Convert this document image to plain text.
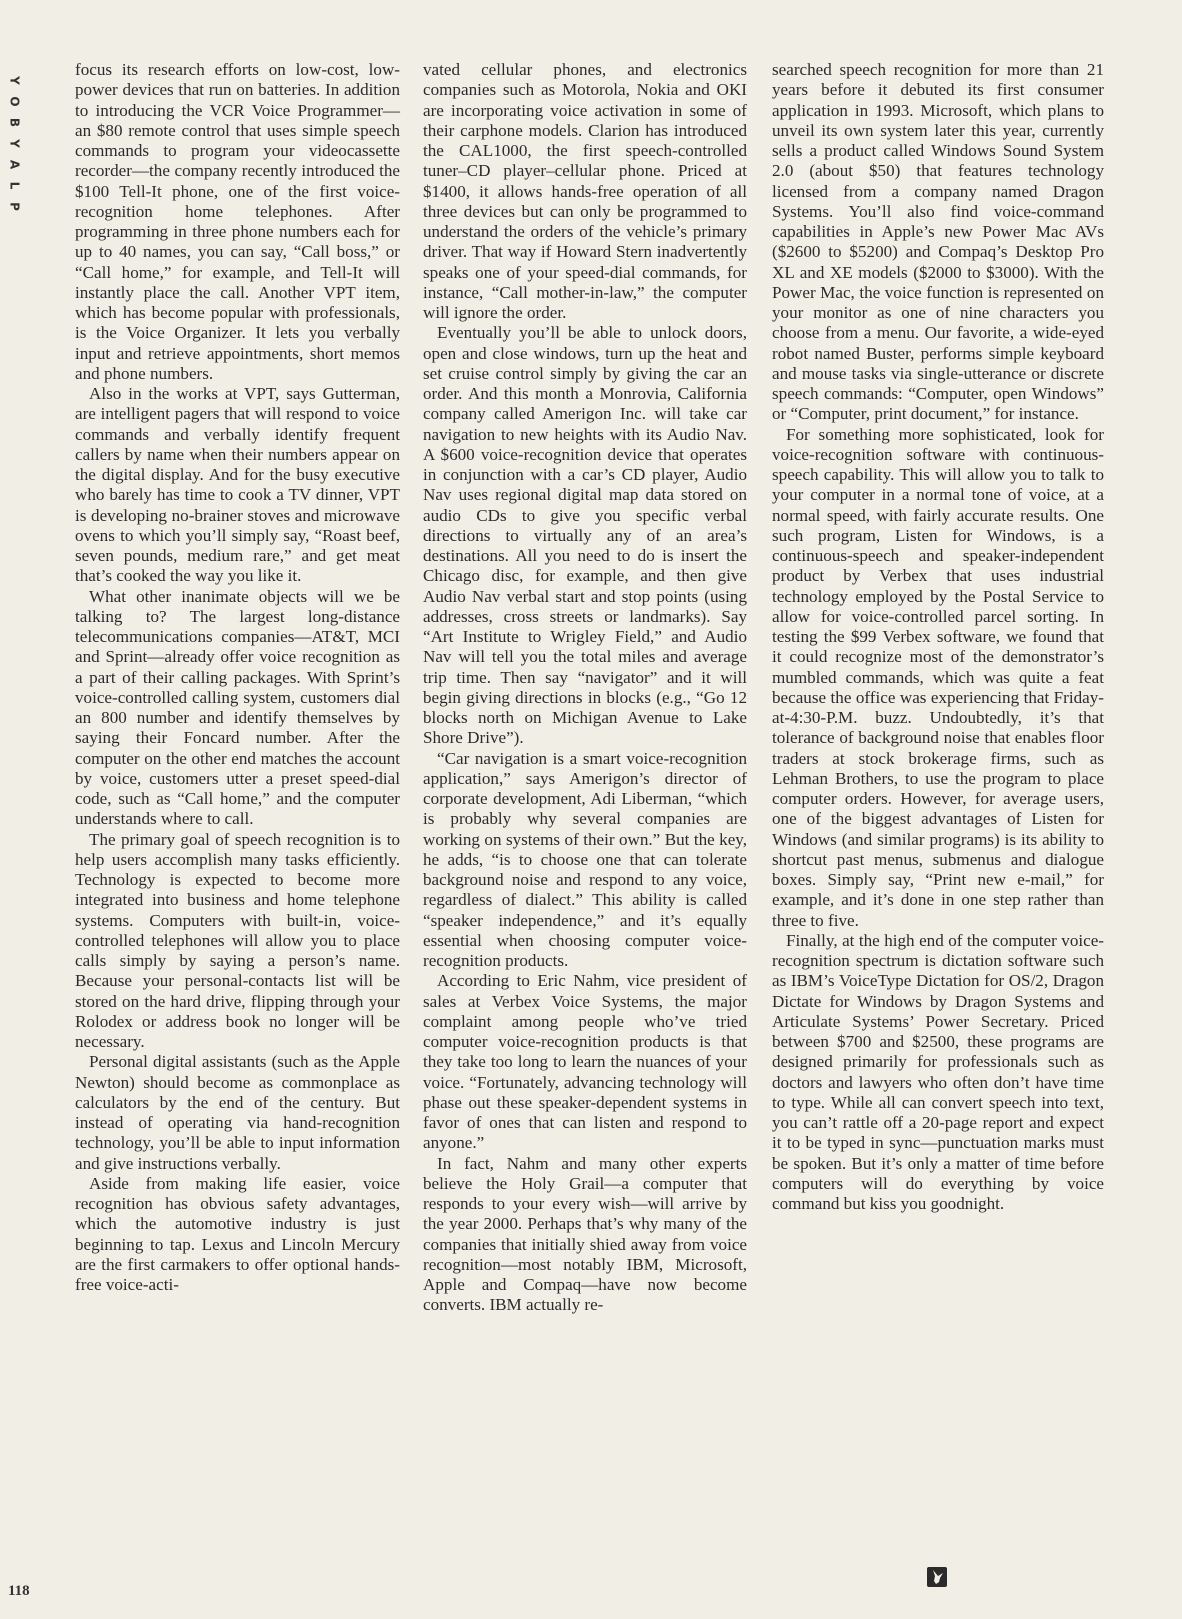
Y
O
B
Y
A
L
P

focus its research efforts on low-cost, low-power devices that run on batteries. In addition to introducing the VCR Voice Programmer—an $80 remote control that uses simple speech commands to program your videocassette recorder—the company recently introduced the $100 Tell-It phone, one of the first voice-recognition home telephones. After programming in three phone numbers each for up to 40 names, you can say, “Call boss,” or “Call home,” for example, and Tell-It will instantly place the call. Another VPT item, which has become popular with professionals, is the Voice Organizer. It lets you verbally input and retrieve appointments, short memos and phone numbers.

Also in the works at VPT, says Gutterman, are intelligent pagers that will respond to voice commands and verbally identify frequent callers by name when their numbers appear on the digital display. And for the busy executive who barely has time to cook a TV dinner, VPT is developing no-brainer stoves and microwave ovens to which you’ll simply say, “Roast beef, seven pounds, medium rare,” and get meat that’s cooked the way you like it.

What other inanimate objects will we be talking to? The largest long-distance telecommunications companies—AT&T, MCI and Sprint—already offer voice recognition as a part of their calling packages. With Sprint’s voice-controlled calling system, customers dial an 800 number and identify themselves by saying their Foncard number. After the computer on the other end matches the account by voice, customers utter a preset speed-dial code, such as “Call home,” and the computer understands where to call.

The primary goal of speech recognition is to help users accomplish many tasks efficiently. Technology is expected to become more integrated into business and home telephone systems. Computers with built-in, voice-controlled telephones will allow you to place calls simply by saying a person’s name. Because your personal-contacts list will be stored on the hard drive, flipping through your Rolodex or address book no longer will be necessary.

Personal digital assistants (such as the Apple Newton) should become as commonplace as calculators by the end of the century. But instead of operating via hand-recognition technology, you’ll be able to input information and give instructions verbally.

Aside from making life easier, voice recognition has obvious safety advantages, which the automotive industry is just beginning to tap. Lexus and Lincoln Mercury are the first carmakers to offer optional hands-free voice-acti-

vated cellular phones, and electronics companies such as Motorola, Nokia and OKI are incorporating voice activation in some of their carphone models. Clarion has introduced the CAL1000, the first speech-controlled tuner–CD player–cellular phone. Priced at $1400, it allows hands-free operation of all three devices but can only be programmed to understand the orders of the vehicle’s primary driver. That way if Howard Stern inadvertently speaks one of your speed-dial commands, for instance, “Call mother-in-law,” the computer will ignore the order.

Eventually you’ll be able to unlock doors, open and close windows, turn up the heat and set cruise control simply by giving the car an order. And this month a Monrovia, California company called Amerigon Inc. will take car navigation to new heights with its Audio Nav. A $600 voice-recognition device that operates in conjunction with a car’s CD player, Audio Nav uses regional digital map data stored on audio CDs to give you specific verbal directions to virtually any of an area’s destinations. All you need to do is insert the Chicago disc, for example, and then give Audio Nav verbal start and stop points (using addresses, cross streets or landmarks). Say “Art Institute to Wrigley Field,” and Audio Nav will tell you the total miles and average trip time. Then say “navigator” and it will begin giving directions in blocks (e.g., “Go 12 blocks north on Michigan Avenue to Lake Shore Drive”).

“Car navigation is a smart voice-recognition application,” says Amerigon’s director of corporate development, Adi Liberman, “which is probably why several companies are working on systems of their own.” But the key, he adds, “is to choose one that can tolerate background noise and respond to any voice, regardless of dialect.” This ability is called “speaker independence,” and it’s equally essential when choosing computer voice-recognition products.

According to Eric Nahm, vice president of sales at Verbex Voice Systems, the major complaint among people who’ve tried computer voice-recognition products is that they take too long to learn the nuances of your voice. “Fortunately, advancing technology will phase out these speaker-dependent systems in favor of ones that can listen and respond to anyone.”

In fact, Nahm and many other experts believe the Holy Grail—a computer that responds to your every wish—will arrive by the year 2000. Perhaps that’s why many of the companies that initially shied away from voice recognition—most notably IBM, Microsoft, Apple and Compaq—have now become converts. IBM actually re-

searched speech recognition for more than 21 years before it debuted its first consumer application in 1993. Microsoft, which plans to unveil its own system later this year, currently sells a product called Windows Sound System 2.0 (about $50) that features technology licensed from a company named Dragon Systems. You’ll also find voice-command capabilities in Apple’s new Power Mac AVs ($2600 to $5200) and Compaq’s Desktop Pro XL and XE models ($2000 to $3000). With the Power Mac, the voice function is represented on your monitor as one of nine characters you choose from a menu. Our favorite, a wide-eyed robot named Buster, performs simple keyboard and mouse tasks via single-utterance or discrete speech commands: “Computer, open Windows” or “Computer, print document,” for instance.

For something more sophisticated, look for voice-recognition software with continuous-speech capability. This will allow you to talk to your computer in a normal tone of voice, at a normal speed, with fairly accurate results. One such program, Listen for Windows, is a continuous-speech and speaker-independent product by Verbex that uses industrial technology employed by the Postal Service to allow for voice-controlled parcel sorting. In testing the $99 Verbex software, we found that it could recognize most of the demonstrator’s mumbled commands, which was quite a feat because the office was experiencing that Friday-at-4:30-P.M. buzz. Undoubtedly, it’s that tolerance of background noise that enables floor traders at stock brokerage firms, such as Lehman Brothers, to use the program to place computer orders. However, for average users, one of the biggest advantages of Listen for Windows (and similar programs) is its ability to shortcut past menus, submenus and dialogue boxes. Simply say, “Print new e-mail,” for example, and it’s done in one step rather than three to five.

Finally, at the high end of the computer voice-recognition spectrum is dictation software such as IBM’s VoiceType Dictation for OS/2, Dragon Dictate for Windows by Dragon Systems and Articulate Systems’ Power Secretary. Priced between $700 and $2500, these programs are designed primarily for professionals such as doctors and lawyers who often don’t have time to type. While all can convert speech into text, you can’t rattle off a 20-page report and expect it to be typed in sync—punctuation marks must be spoken. But it’s only a matter of time before computers will do everything by voice command but kiss you goodnight.

118
